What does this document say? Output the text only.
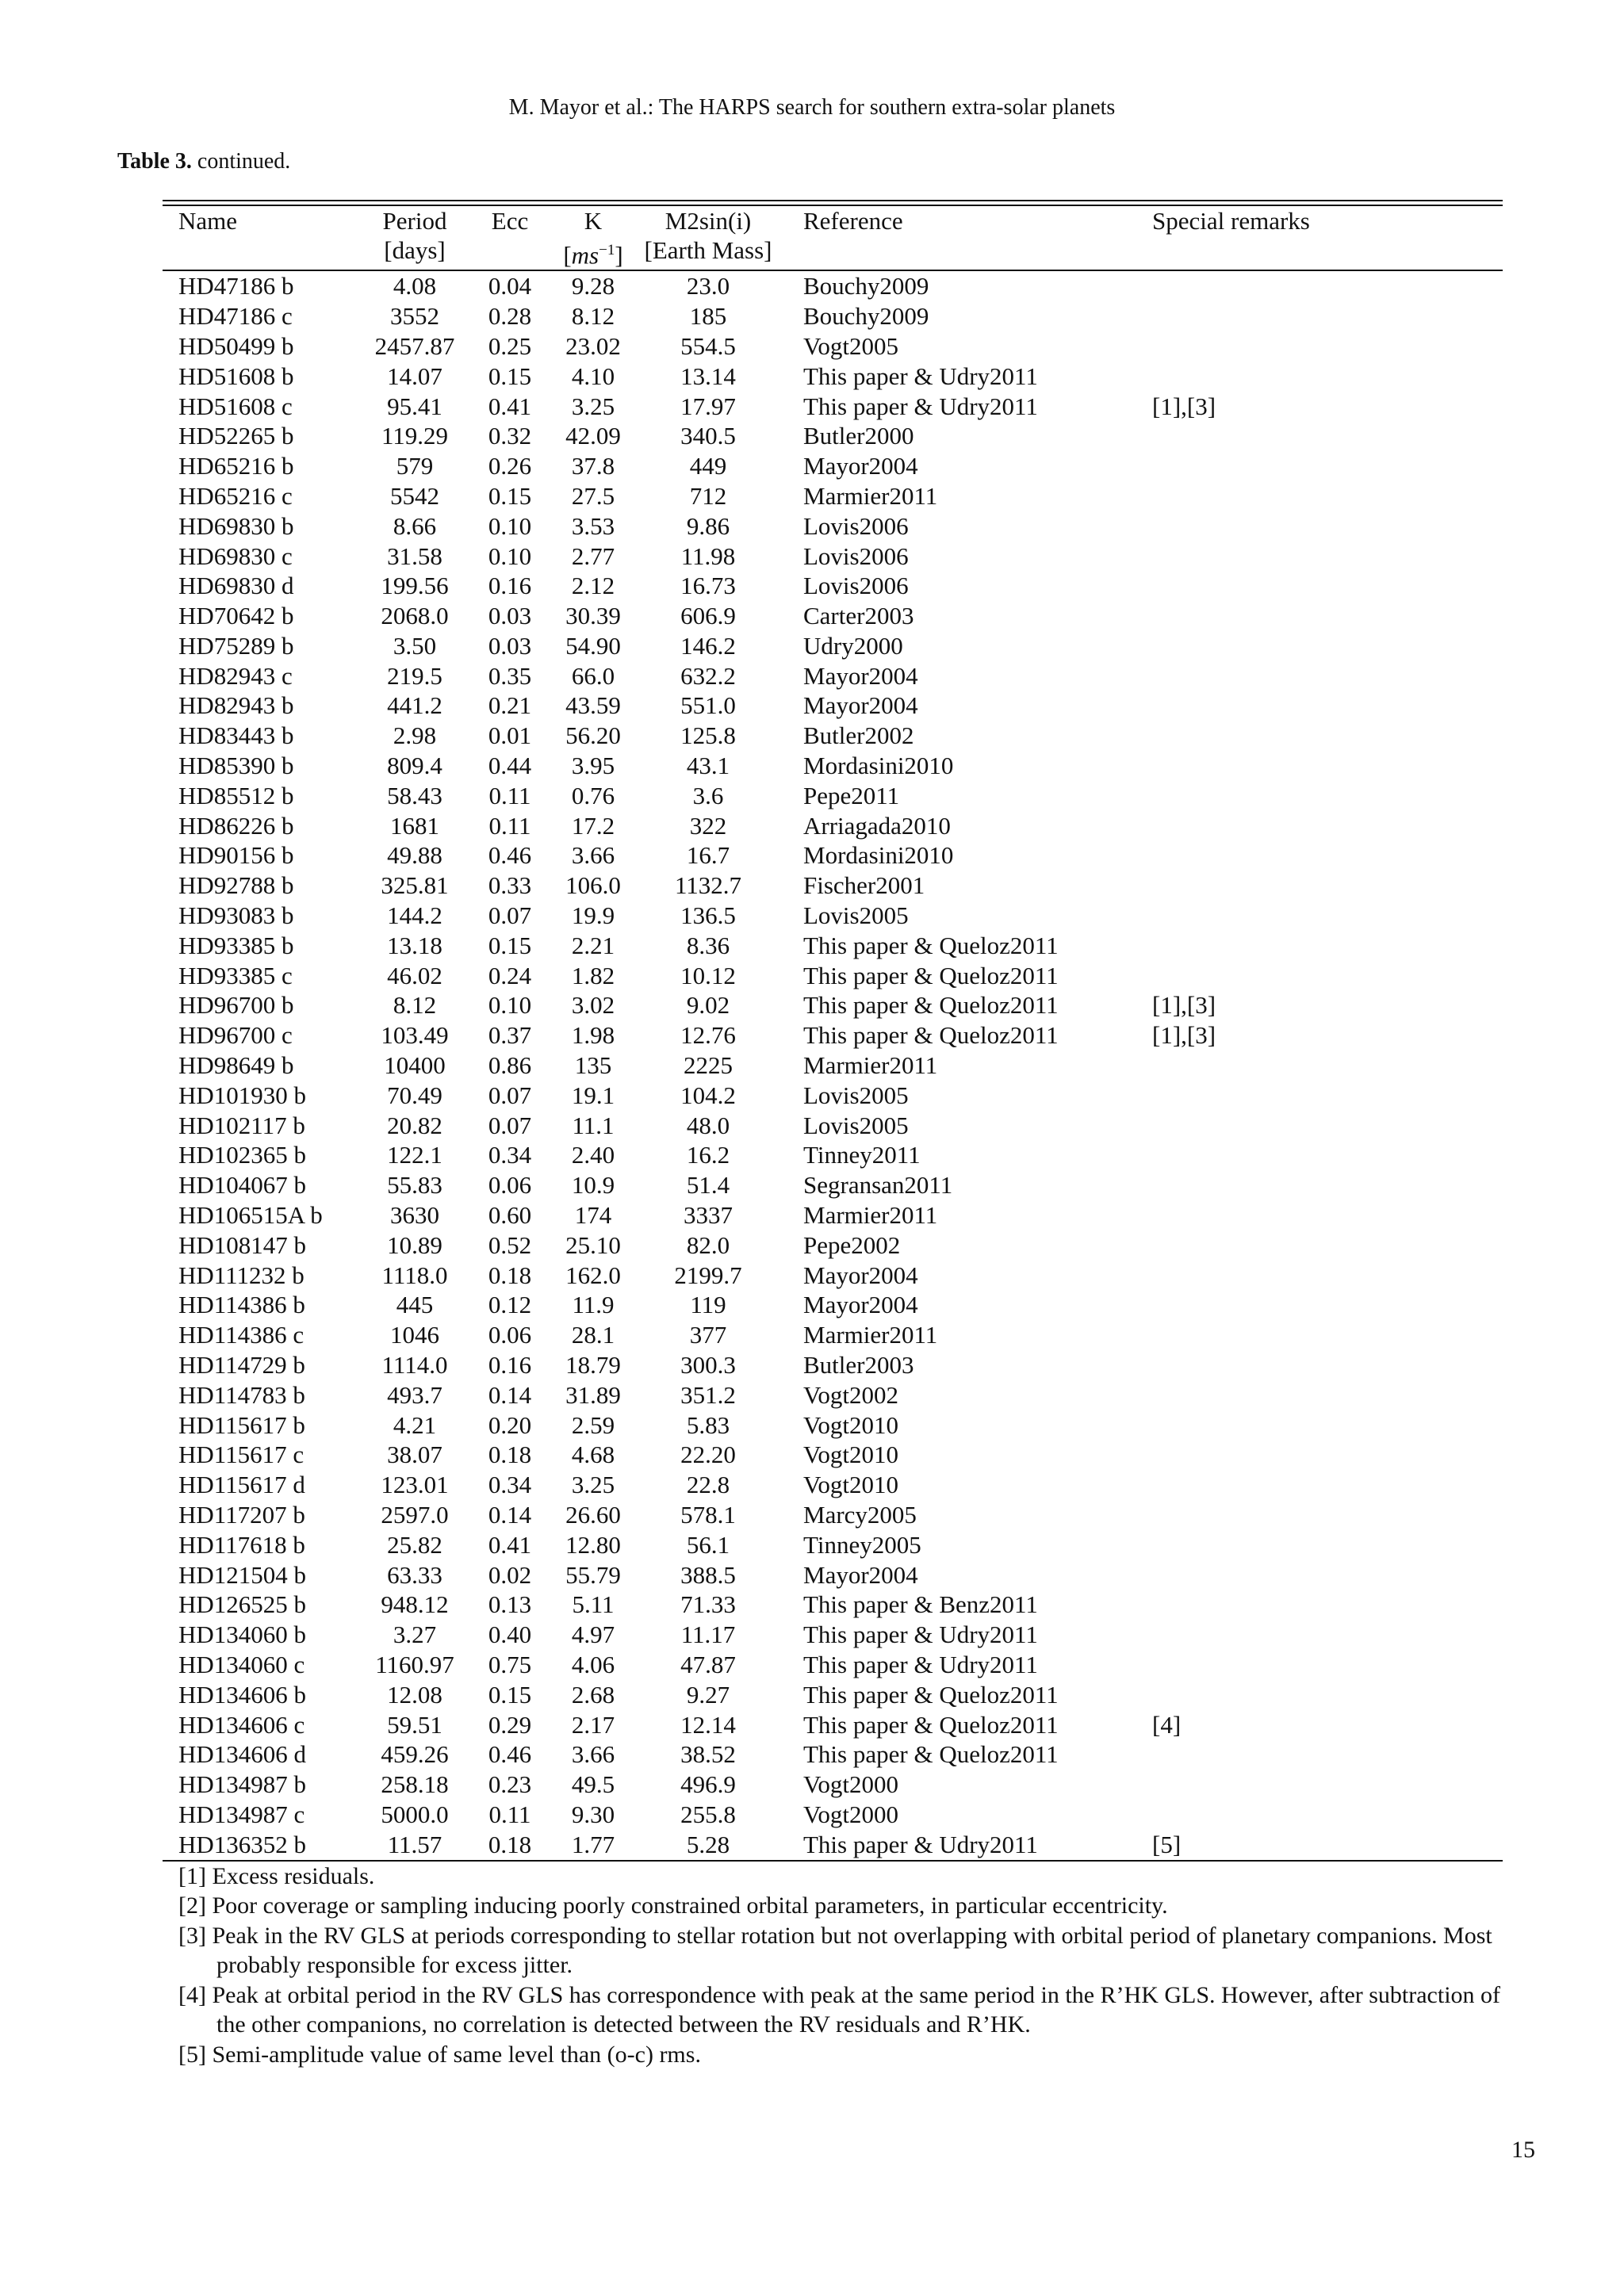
M. Mayor et al.: The HARPS search for southern extra-solar planets
Table 3. continued.
Name	Period	Ecc	K	M2sin(i)	Reference	Special remarks
	[days]		$[ms^{-1}]$	[Earth Mass]		
HD47186 b	4.08	0.04	9.28	23.0	Bouchy2009	
HD47186 c	3552	0.28	8.12	185	Bouchy2009	
HD50499 b	2457.87	0.25	23.02	554.5	Vogt2005	
HD51608 b	14.07	0.15	4.10	13.14	This paper & Udry2011	
HD51608 c	95.41	0.41	3.25	17.97	This paper & Udry2011	[1],[3]
HD52265 b	119.29	0.32	42.09	340.5	Butler2000	
HD65216 b	579	0.26	37.8	449	Mayor2004	
HD65216 c	5542	0.15	27.5	712	Marmier2011	
HD69830 b	8.66	0.10	3.53	9.86	Lovis2006	
HD69830 c	31.58	0.10	2.77	11.98	Lovis2006	
HD69830 d	199.56	0.16	2.12	16.73	Lovis2006	
HD70642 b	2068.0	0.03	30.39	606.9	Carter2003	
HD75289 b	3.50	0.03	54.90	146.2	Udry2000	
HD82943 c	219.5	0.35	66.0	632.2	Mayor2004	
HD82943 b	441.2	0.21	43.59	551.0	Mayor2004	
HD83443 b	2.98	0.01	56.20	125.8	Butler2002	
HD85390 b	809.4	0.44	3.95	43.1	Mordasini2010	
HD85512 b	58.43	0.11	0.76	3.6	Pepe2011	
HD86226 b	1681	0.11	17.2	322	Arriagada2010	
HD90156 b	49.88	0.46	3.66	16.7	Mordasini2010	
HD92788 b	325.81	0.33	106.0	1132.7	Fischer2001	
HD93083 b	144.2	0.07	19.9	136.5	Lovis2005	
HD93385 b	13.18	0.15	2.21	8.36	This paper & Queloz2011	
HD93385 c	46.02	0.24	1.82	10.12	This paper & Queloz2011	
HD96700 b	8.12	0.10	3.02	9.02	This paper & Queloz2011	[1],[3]
HD96700 c	103.49	0.37	1.98	12.76	This paper & Queloz2011	[1],[3]
HD98649 b	10400	0.86	135	2225	Marmier2011	
HD101930 b	70.49	0.07	19.1	104.2	Lovis2005	
HD102117 b	20.82	0.07	11.1	48.0	Lovis2005	
HD102365 b	122.1	0.34	2.40	16.2	Tinney2011	
HD104067 b	55.83	0.06	10.9	51.4	Segransan2011	
HD106515A b	3630	0.60	174	3337	Marmier2011	
HD108147 b	10.89	0.52	25.10	82.0	Pepe2002	
HD111232 b	1118.0	0.18	162.0	2199.7	Mayor2004	
HD114386 b	445	0.12	11.9	119	Mayor2004	
HD114386 c	1046	0.06	28.1	377	Marmier2011	
HD114729 b	1114.0	0.16	18.79	300.3	Butler2003	
HD114783 b	493.7	0.14	31.89	351.2	Vogt2002	
HD115617 b	4.21	0.20	2.59	5.83	Vogt2010	
HD115617 c	38.07	0.18	4.68	22.20	Vogt2010	
HD115617 d	123.01	0.34	3.25	22.8	Vogt2010	
HD117207 b	2597.0	0.14	26.60	578.1	Marcy2005	
HD117618 b	25.82	0.41	12.80	56.1	Tinney2005	
HD121504 b	63.33	0.02	55.79	388.5	Mayor2004	
HD126525 b	948.12	0.13	5.11	71.33	This paper & Benz2011	
HD134060 b	3.27	0.40	4.97	11.17	This paper & Udry2011	
HD134060 c	1160.97	0.75	4.06	47.87	This paper & Udry2011	
HD134606 b	12.08	0.15	2.68	9.27	This paper & Queloz2011	
HD134606 c	59.51	0.29	2.17	12.14	This paper & Queloz2011	[4]
HD134606 d	459.26	0.46	3.66	38.52	This paper & Queloz2011	
HD134987 b	258.18	0.23	49.5	496.9	Vogt2000	
HD134987 c	5000.0	0.11	9.30	255.8	Vogt2000	
HD136352 b	11.57	0.18	1.77	5.28	This paper & Udry2011	[5]
[1] Excess residuals.
[2] Poor coverage or sampling inducing poorly constrained orbital parameters, in particular eccentricity.
[3] Peak in the RV GLS at periods corresponding to stellar rotation but not overlapping with orbital period of planetary companions. Most probably responsible for excess jitter.
[4] Peak at orbital period in the RV GLS has correspondence with peak at the same period in the R’HK GLS. However, after subtraction of the other companions, no correlation is detected between the RV residuals and R’HK.
[5] Semi-amplitude value of same level than (o-c) rms.
15
